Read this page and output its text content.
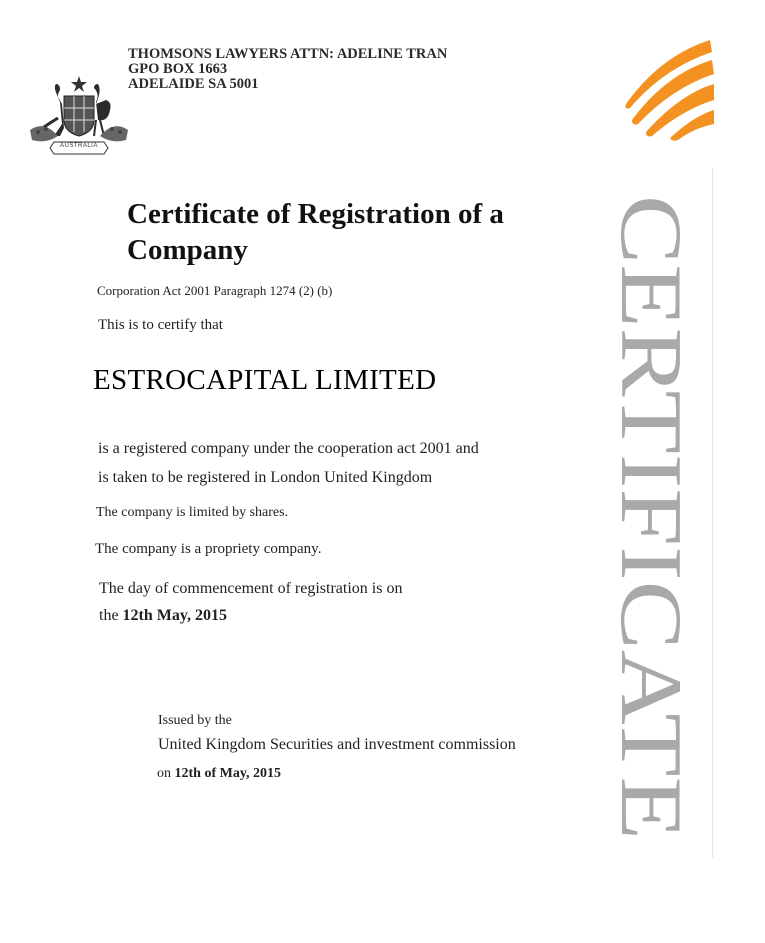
AUSTRALIA
THOMSONS LAWYERS ATTN: ADELINE TRAN
GPO BOX 1663
ADELAIDE SA 5001
Certificate of Registration of a Company
Corporation Act 2001 Paragraph 1274 (2) (b)
This is to certify that
ESTROCAPITAL LIMITED
is a registered company under the cooperation act 2001 and
is taken to be registered in London United Kingdom
The company is limited by shares.
The company is a propriety company.
The day of commencement of registration is on
the 12th May, 2015
Issued by the
United Kingdom Securities and investment commission
on 12th of May, 2015
CERTIFICATE
